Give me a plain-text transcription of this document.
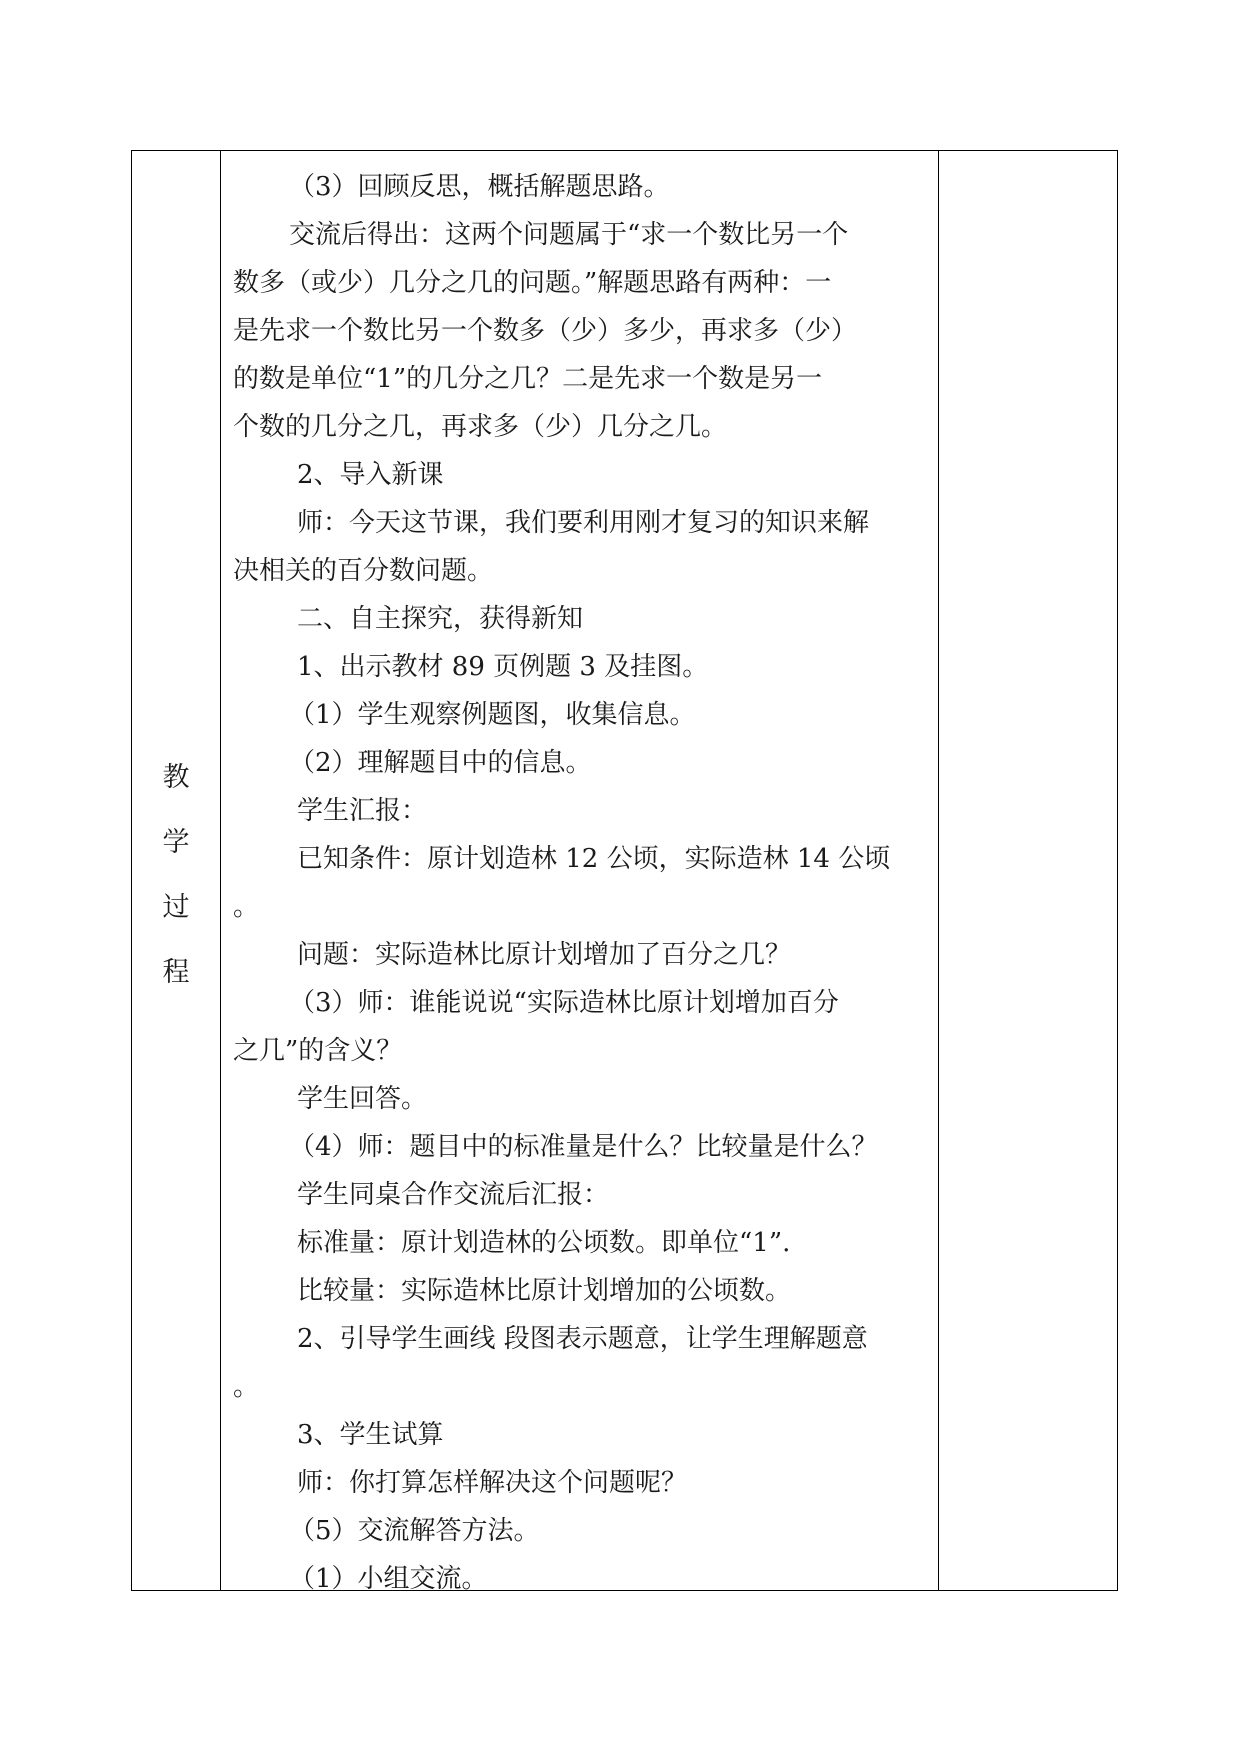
教
学
过
程

（3）回顾反思，概括解题思路。

交流后得出：这两个问题属于“求一个数比另一个

数多（或少）几分之几的问题。”解题思路有两种：一

是先求一个数比另一个数多（少）多少，再求多（少）

的数是单位“1”的几分之几？二是先求一个数是另一

个数的几分之几，再求多（少）几分之几。

2、导入新课

师：今天这节课，我们要利用刚才复习的知识来解

决相关的百分数问题。

二、自主探究，获得新知

1、出示教材 89 页例题 3 及挂图。

（1）学生观察例题图，收集信息。

（2）理解题目中的信息。

学生汇报：

已知条件：原计划造林 12 公顷，实际造林 14 公顷

。

问题：实际造林比原计划增加了百分之几？

（3）师：谁能说说“实际造林比原计划增加百分

之几”的含义？

学生回答。

（4）师：题目中的标准量是什么？比较量是什么？

学生同桌合作交流后汇报：

标准量：原计划造林的公顷数。即单位“1”.

比较量：实际造林比原计划增加的公顷数。

2、引导学生画线 段图表示题意，让学生理解题意

。

3、学生试算

师：你打算怎样解决这个问题呢？

（5）交流解答方法。

（1）小组交流。
